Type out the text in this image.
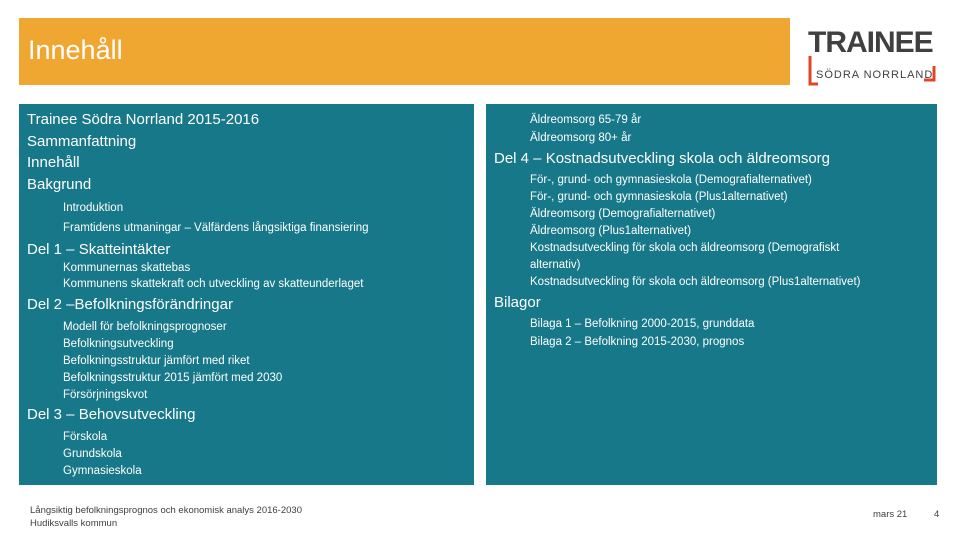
Innehåll	TRAINEE
SÖDRA NORRLAND
Trainee Södra Norrland 2015-2016
Sammanfattning
Innehåll
Bakgrund
Introduktion
Framtidens utmaningar – Välfärdens långsiktiga finansiering
Del 1 – Skatteintäkter
Kommunernas skattebas
Kommunens skattekraft och utveckling av skatteunderlaget
Del 2 –Befolkningsförändringar
Modell för befolkningsprognoser
Befolkningsutveckling
Befolkningsstruktur jämfört med riket
Befolkningsstruktur 2015 jämfört med 2030
Försörjningskvot
Del 3 – Behovsutveckling
Förskola
Grundskola
Gymnasieskola
Äldreomsorg 65-79 år
Äldreomsorg 80+ år
Del 4 – Kostnadsutveckling skola och äldreomsorg
För-, grund- och gymnasieskola (Demografialternativet)
För-, grund- och gymnasieskola (Plus1alternativet)
Äldreomsorg (Demografialternativet)
Äldreomsorg (Plus1alternativet)
Kostnadsutveckling för skola och äldreomsorg (Demografiskt
alternativ)
Kostnadsutveckling för skola och äldreomsorg (Plus1alternativet)
Bilagor
Bilaga 1 – Befolkning 2000-2015, grunddata
Bilaga 2 – Befolkning 2015-2030, prognos
Långsiktig befolkningsprognos och ekonomisk analys 2016-2030
Hudiksvalls kommun
mars 21	4
